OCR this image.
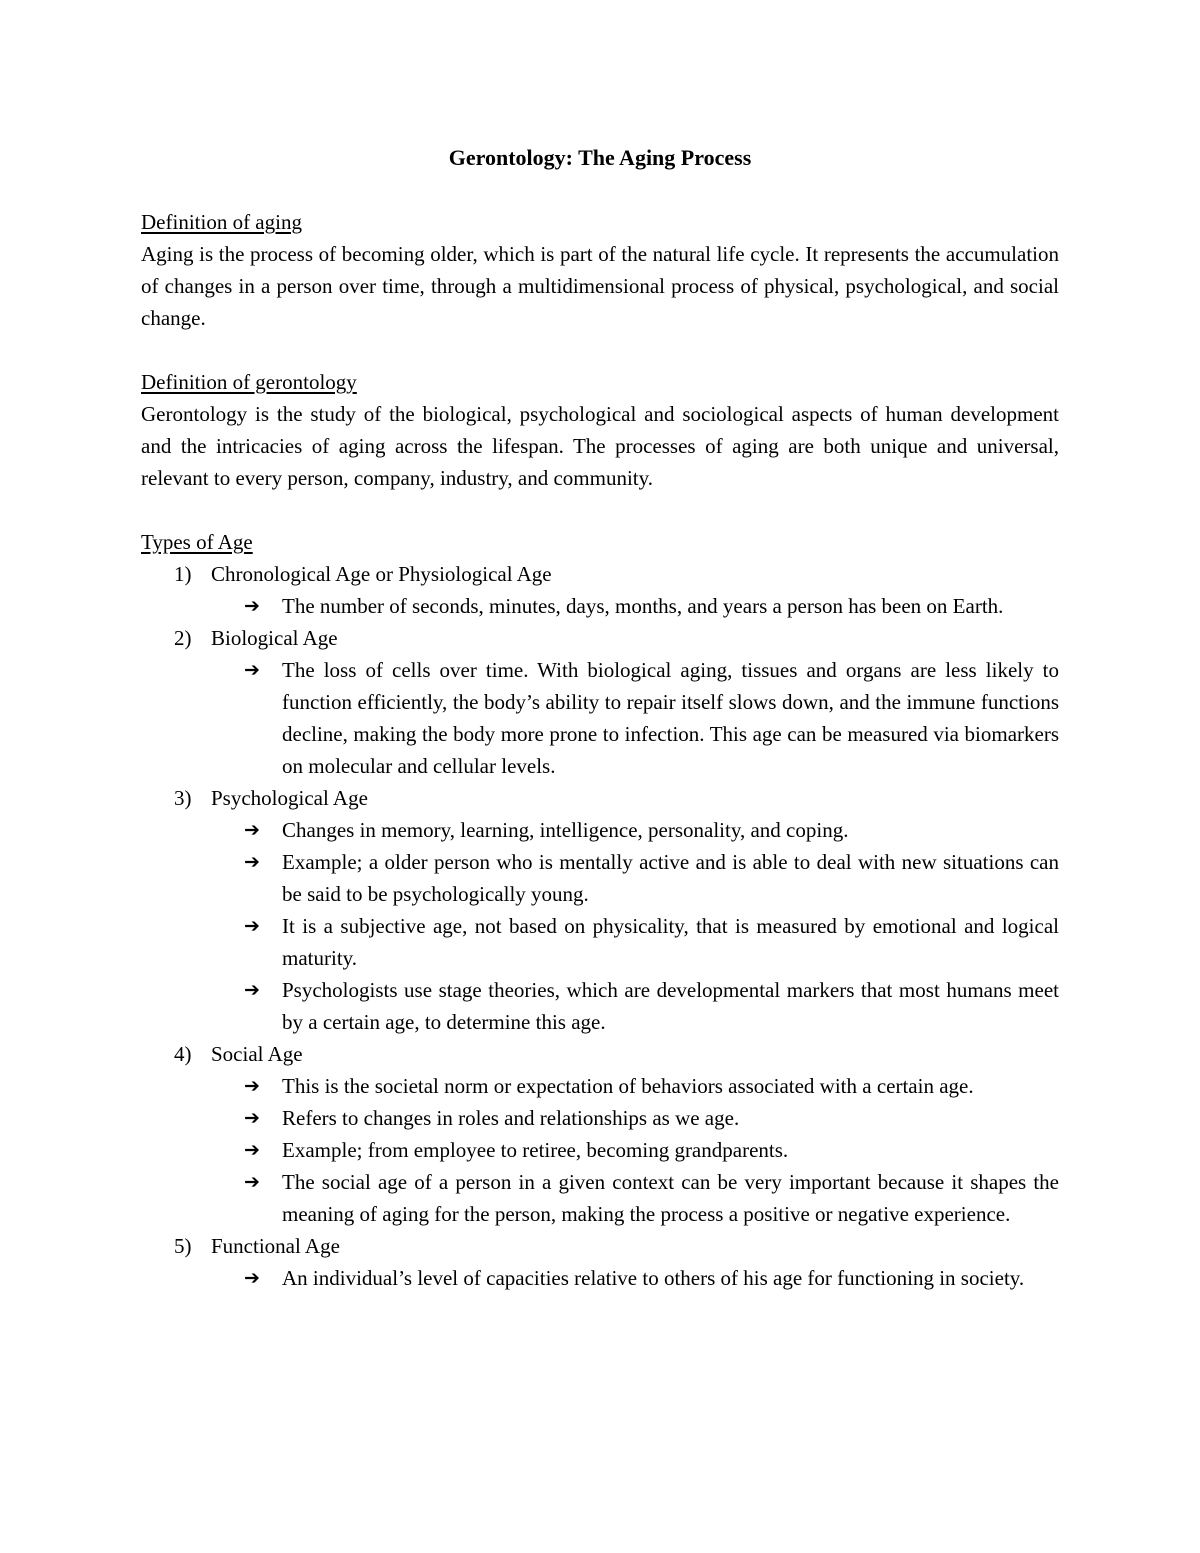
Gerontology: The Aging Process

Definition of aging

Aging is the process of becoming older, which is part of the natural life cycle. It represents the accumulation of changes in a person over time, through a multidimensional process of physical, psychological, and social change.

Definition of gerontology

Gerontology is the study of the biological, psychological and sociological aspects of human development and the intricacies of aging across the lifespan. The processes of aging are both unique and universal, relevant to every person, company, industry, and community.

Types of Age

1) Chronological Age or Physiological Age
➔ The number of seconds, minutes, days, months, and years a person has been on Earth.
2) Biological Age
➔ The loss of cells over time. With biological aging, tissues and organs are less likely to function efficiently, the body’s ability to repair itself slows down, and the immune functions decline, making the body more prone to infection. This age can be measured via biomarkers on molecular and cellular levels.
3) Psychological Age
➔ Changes in memory, learning, intelligence, personality, and coping.
➔ Example; a older person who is mentally active and is able to deal with new situations can be said to be psychologically young.
➔ It is a subjective age, not based on physicality, that is measured by emotional and logical maturity.
➔ Psychologists use stage theories, which are developmental markers that most humans meet by a certain age, to determine this age.
4) Social Age
➔ This is the societal norm or expectation of behaviors associated with a certain age.
➔ Refers to changes in roles and relationships as we age.
➔ Example; from employee to retiree, becoming grandparents.
➔ The social age of a person in a given context can be very important because it shapes the meaning of aging for the person, making the process a positive or negative experience.
5) Functional Age
➔ An individual’s level of capacities relative to others of his age for functioning in society.
